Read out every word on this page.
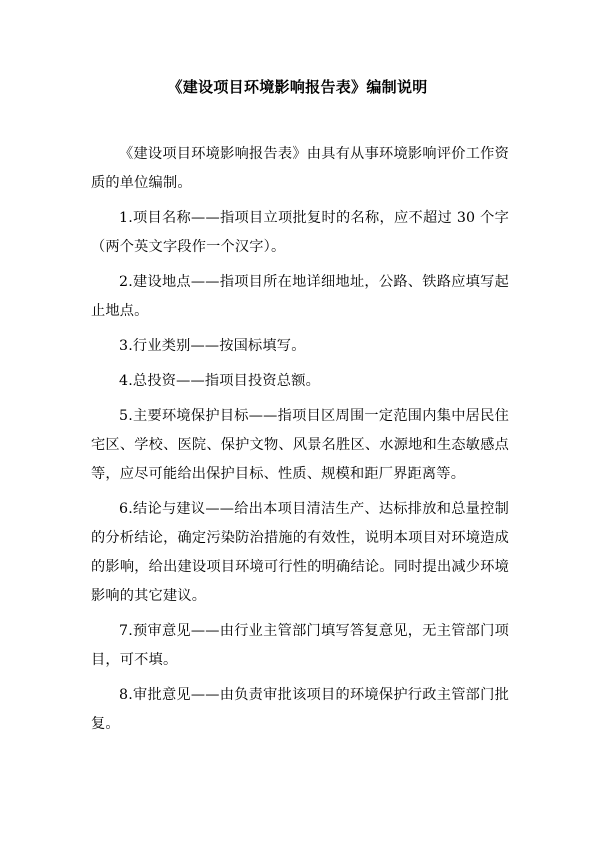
《建设项目环境影响报告表》编制说明

《建设项目环境影响报告表》由具有从事环境影响评价工作资质的单位编制。

1.项目名称——指项目立项批复时的名称，应不超过 30 个字（两个英文字段作一个汉字）。

2.建设地点——指项目所在地详细地址，公路、铁路应填写起止地点。

3.行业类别——按国标填写。

4.总投资——指项目投资总额。

5.主要环境保护目标——指项目区周围一定范围内集中居民住宅区、学校、医院、保护文物、风景名胜区、水源地和生态敏感点等，应尽可能给出保护目标、性质、规模和距厂界距离等。

6.结论与建议——给出本项目清洁生产、达标排放和总量控制的分析结论，确定污染防治措施的有效性，说明本项目对环境造成的影响，给出建设项目环境可行性的明确结论。同时提出减少环境影响的其它建议。

7.预审意见——由行业主管部门填写答复意见，无主管部门项目，可不填。

8.审批意见——由负责审批该项目的环境保护行政主管部门批复。
